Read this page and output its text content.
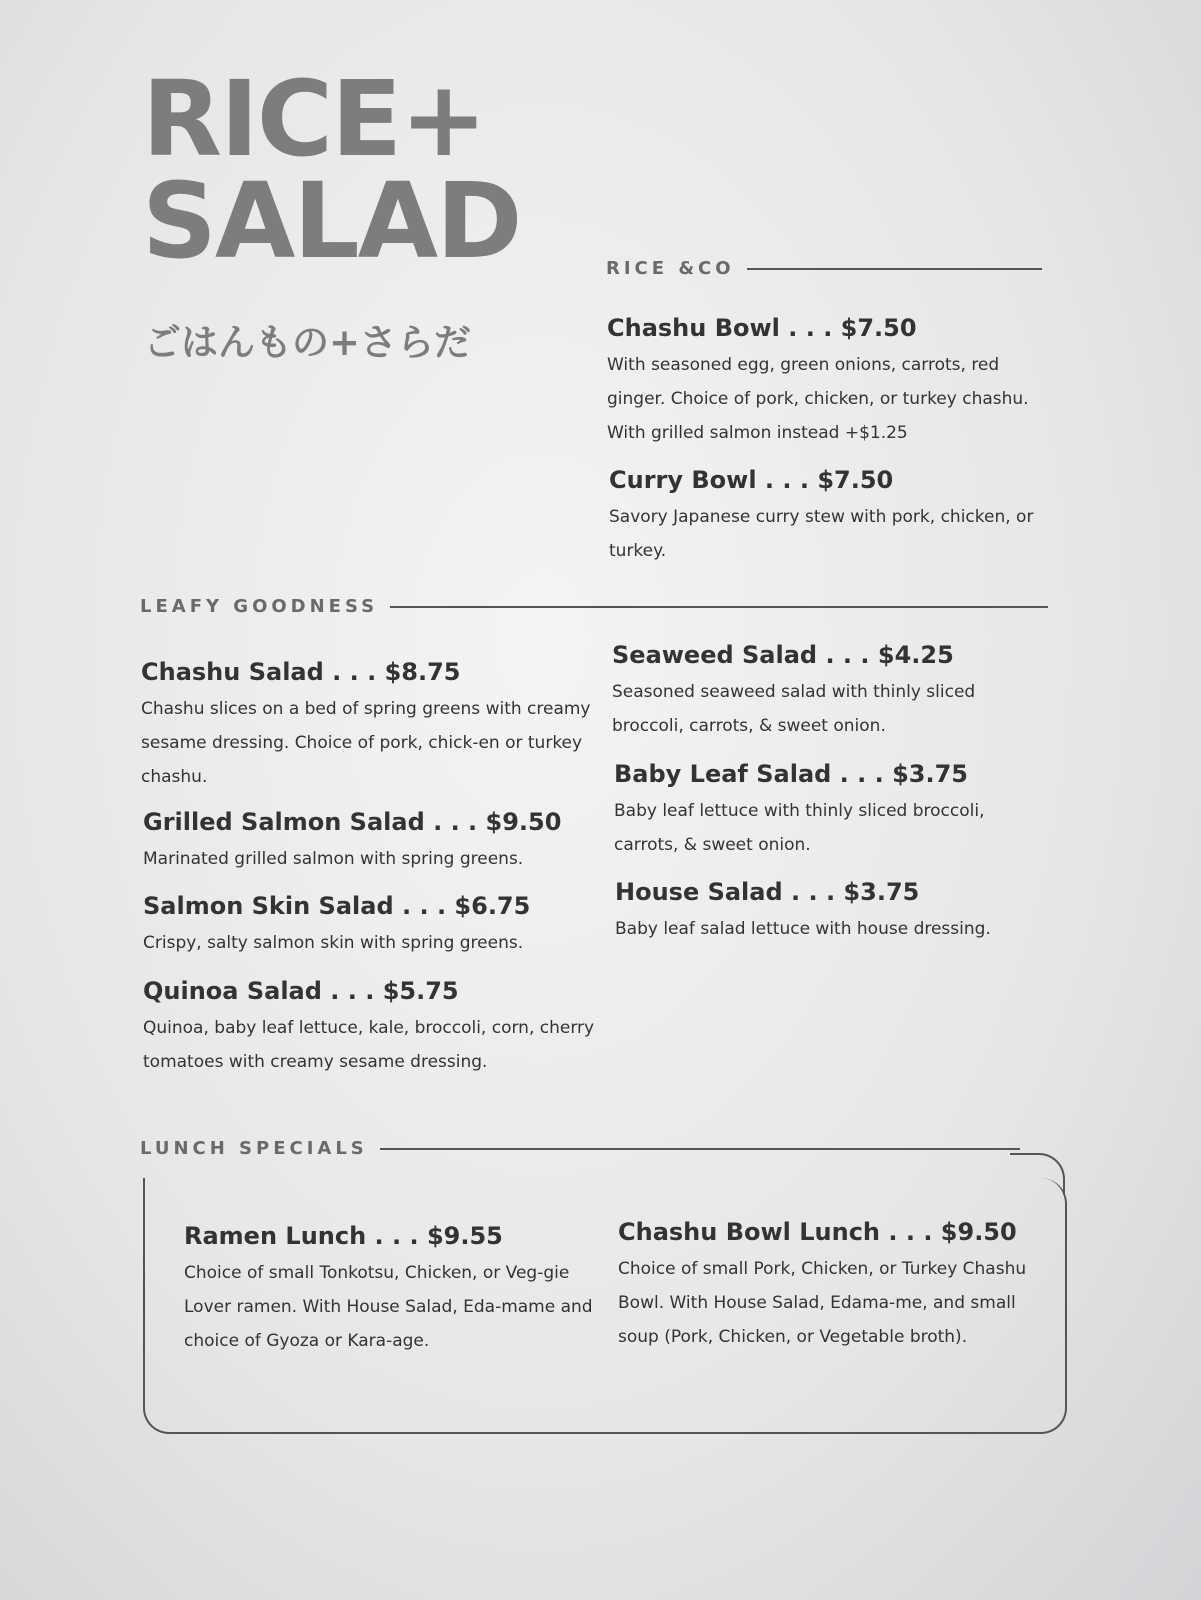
RICE+
SALAD
ごはんもの+さらだ
RICE &CO
Chashu Bowl . . . $7.50
With seasoned egg, green onions, carrots, red ginger. Choice of pork, chicken, or turkey chashu. With grilled salmon instead +$1.25
Curry Bowl . . . $7.50
Savory Japanese curry stew with pork, chicken, or turkey.
LEAFY GOODNESS
Chashu Salad . . . $8.75
Chashu slices on a bed of spring greens with creamy sesame dressing. Choice of pork, chick-en or turkey chashu.
Grilled Salmon Salad . . . $9.50
Marinated grilled salmon with spring greens.
Salmon Skin Salad . . . $6.75
Crispy, salty salmon skin with spring greens.
Quinoa Salad . . . $5.75
Quinoa, baby leaf lettuce, kale, broccoli, corn, cherry tomatoes with creamy sesame dressing.
Seaweed Salad . . . $4.25
Seasoned seaweed salad with thinly sliced broccoli, carrots, & sweet onion.
Baby Leaf Salad . . . $3.75
Baby leaf lettuce with thinly sliced broccoli, carrots, & sweet onion.
House Salad . . . $3.75
Baby leaf salad lettuce with house dressing.
LUNCH SPECIALS
Ramen Lunch . . . $9.55
Choice of small Tonkotsu, Chicken, or Veg-gie Lover ramen. With House Salad, Eda-mame and choice of Gyoza or Kara-age.
Chashu Bowl Lunch . . . $9.50
Choice of small Pork, Chicken, or Turkey Chashu Bowl. With House Salad, Edama-me, and small soup (Pork, Chicken, or Vegetable broth).
